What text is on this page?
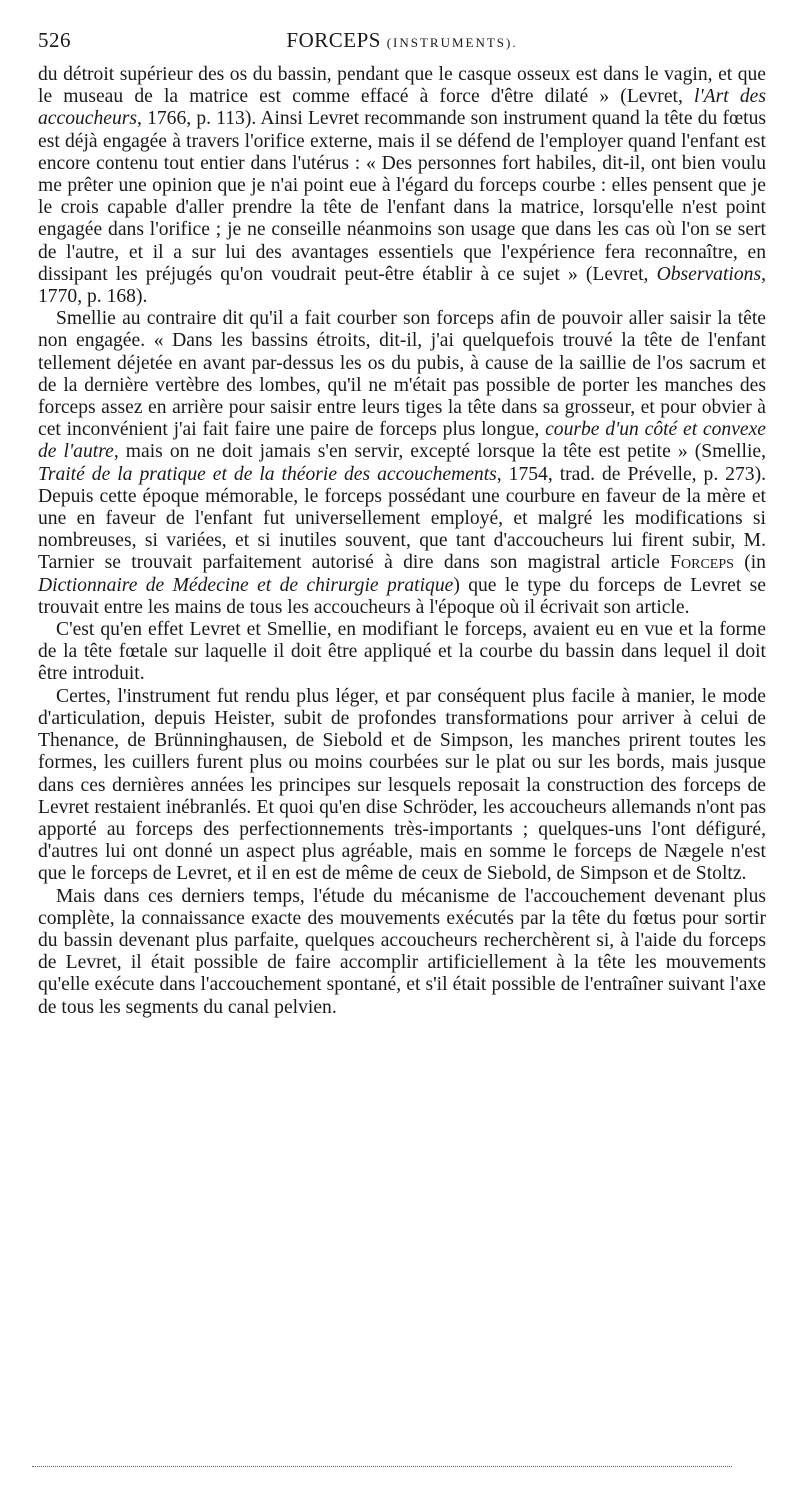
526	FORCEPS (INSTRUMENTS).

du détroit supérieur des os du bassin, pendant que le casque osseux est dans le vagin, et que le museau de la matrice est comme effacé à force d'être dilaté » (Levret, l'Art des accoucheurs, 1766, p. 113). Ainsi Levret recommande son instrument quand la tête du fœtus est déjà engagée à travers l'orifice externe, mais il se défend de l'employer quand l'enfant est encore contenu tout entier dans l'utérus : « Des personnes fort habiles, dit-il, ont bien voulu me prêter une opinion que je n'ai point eue à l'égard du forceps courbe : elles pensent que je le crois capable d'aller prendre la tête de l'enfant dans la matrice, lorsqu'elle n'est point engagée dans l'orifice ; je ne conseille néanmoins son usage que dans les cas où l'on se sert de l'autre, et il a sur lui des avantages essentiels que l'expérience fera reconnaître, en dissipant les préjugés qu'on voudrait peut-être établir à ce sujet » (Levret, Observations, 1770, p. 168).

Smellie au contraire dit qu'il a fait courber son forceps afin de pouvoir aller saisir la tête non engagée. « Dans les bassins étroits, dit-il, j'ai quelquefois trouvé la tête de l'enfant tellement déjetée en avant par-dessus les os du pubis, à cause de la saillie de l'os sacrum et de la dernière vertèbre des lombes, qu'il ne m'était pas possible de porter les manches des forceps assez en arrière pour saisir entre leurs tiges la tête dans sa grosseur, et pour obvier à cet inconvénient j'ai fait faire une paire de forceps plus longue, courbe d'un côté et convexe de l'autre, mais on ne doit jamais s'en servir, excepté lorsque la tête est petite » (Smellie, Traité de la pratique et de la théorie des accouchements, 1754, trad. de Prévelle, p. 273). Depuis cette époque mémorable, le forceps possédant une courbure en faveur de la mère et une en faveur de l'enfant fut universellement employé, et malgré les modifications si nombreuses, si variées, et si inutiles souvent, que tant d'accoucheurs lui firent subir, M. Tarnier se trouvait parfaitement autorisé à dire dans son magistral article Forceps (in Dictionnaire de Médecine et de chirurgie pratique) que le type du forceps de Levret se trouvait entre les mains de tous les accoucheurs à l'époque où il écrivait son article.

C'est qu'en effet Levret et Smellie, en modifiant le forceps, avaient eu en vue et la forme de la tête fœtale sur laquelle il doit être appliqué et la courbe du bassin dans lequel il doit être introduit.

Certes, l'instrument fut rendu plus léger, et par conséquent plus facile à manier, le mode d'articulation, depuis Heister, subit de profondes transformations pour arriver à celui de Thenance, de Brünninghausen, de Siebold et de Simpson, les manches prirent toutes les formes, les cuillers furent plus ou moins courbées sur le plat ou sur les bords, mais jusque dans ces dernières années les principes sur lesquels reposait la construction des forceps de Levret restaient inébranlés. Et quoi qu'en dise Schröder, les accoucheurs allemands n'ont pas apporté au forceps des perfectionnements très-importants ; quelques-uns l'ont défiguré, d'autres lui ont donné un aspect plus agréable, mais en somme le forceps de Nægele n'est que le forceps de Levret, et il en est de même de ceux de Siebold, de Simpson et de Stoltz.

Mais dans ces derniers temps, l'étude du mécanisme de l'accouchement devenant plus complète, la connaissance exacte des mouvements exécutés par la tête du fœtus pour sortir du bassin devenant plus parfaite, quelques accoucheurs recherchèrent si, à l'aide du forceps de Levret, il était possible de faire accomplir artificiellement à la tête les mouvements qu'elle exécute dans l'accouchement spontané, et s'il était possible de l'entraîner suivant l'axe de tous les segments du canal pelvien.
